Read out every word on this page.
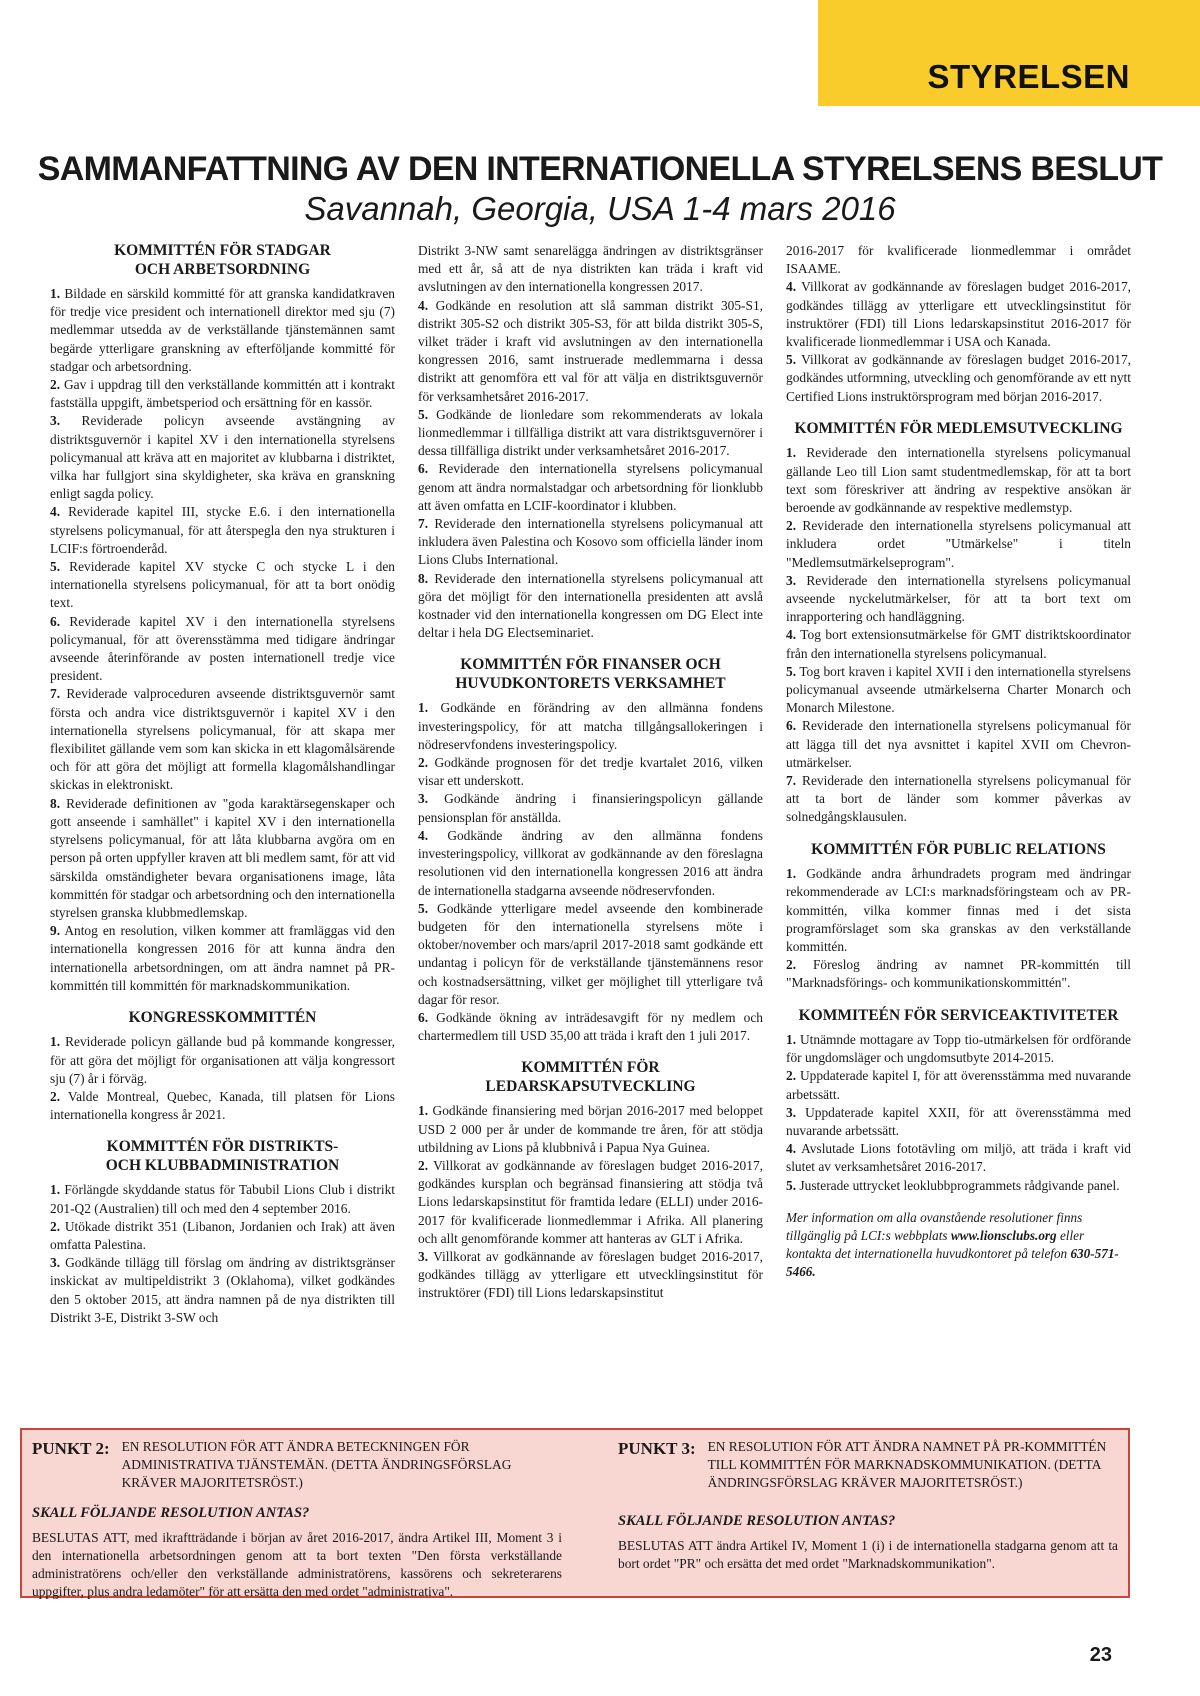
STYRELSEN
SAMMANFATTNING AV DEN INTERNATIONELLA STYRELSENS BESLUT
Savannah, Georgia, USA 1-4 mars 2016
KOMMITTÉN FÖR STADGAR
OCH ARBETSORDNING

1. Bildade en särskild kommitté för att granska kandidatkraven för tredje vice president och internationell direktor med sju (7) medlemmar utsedda av de verkställande tjänstemännen samt begärde ytterligare granskning av efterföljande kommitté för stadgar och arbetsordning.

2. Gav i uppdrag till den verkställande kommittén att i kontrakt fastställa uppgift, ämbetsperiod och ersättning för en kassör.

3. Reviderade policyn avseende avstängning av distriktsguvernör i kapitel XV i den internationella styrelsens policymanual att kräva att en majoritet av klubbarna i distriktet, vilka har fullgjort sina skyldigheter, ska kräva en granskning enligt sagda policy.

4. Reviderade kapitel III, stycke E.6. i den internationella styrelsens policymanual, för att återspegla den nya strukturen i LCIF:s förtroenderåd.

5. Reviderade kapitel XV stycke C och stycke L i den internationella styrelsens policymanual, för att ta bort onödig text.

6. Reviderade kapitel XV i den internationella styrelsens policymanual, för att överensstämma med tidigare ändringar avseende återinförande av posten internationell tredje vice president.

7. Reviderade valproceduren avseende distriktsguvernör samt första och andra vice distriktsguvernör i kapitel XV i den internationella styrelsens policymanual, för att skapa mer flexibilitet gällande vem som kan skicka in ett klagomålsärende och för att göra det möjligt att formella klagomålshandlingar skickas in elektroniskt.

8. Reviderade definitionen av "goda karaktärsegenskaper och gott anseende i samhället" i kapitel XV i den internationella styrelsens policymanual, för att låta klubbarna avgöra om en person på orten uppfyller kraven att bli medlem samt, för att vid särskilda omständigheter bevara organisationens image, låta kommittén för stadgar och arbetsordning och den internationella styrelsen granska klubbmedlemskap.

9. Antog en resolution, vilken kommer att framläggas vid den internationella kongressen 2016 för att kunna ändra den internationella arbetsordningen, om att ändra namnet på PR-kommittén till kommittén för marknadskommunikation.

KONGRESSKOMMITTÉN

1. Reviderade policyn gällande bud på kommande kongresser, för att göra det möjligt för organisationen att välja kongressort sju (7) år i förväg.

2. Valde Montreal, Quebec, Kanada, till platsen för Lions internationella kongress år 2021.

KOMMITTÉN FÖR DISTRIKTS-
OCH KLUBBADMINISTRATION

1. Förlängde skyddande status för Tabubil Lions Club i distrikt 201-Q2 (Australien) till och med den 4 september 2016.

2. Utökade distrikt 351 (Libanon, Jordanien och Irak) att även omfatta Palestina.

3. Godkände tillägg till förslag om ändring av distriktsgränser inskickat av multipeldistrikt 3 (Oklahoma), vilket godkändes den 5 oktober 2015, att ändra namnen på de nya distrikten till Distrikt 3-E, Distrikt 3-SW och

Distrikt 3-NW samt senarelägga ändringen av distriktsgränser med ett år, så att de nya distrikten kan träda i kraft vid avslutningen av den internationella kongressen 2017.

4. Godkände en resolution att slå samman distrikt 305-S1, distrikt 305-S2 och distrikt 305-S3, för att bilda distrikt 305-S, vilket träder i kraft vid avslutningen av den internationella kongressen 2016, samt instruerade medlemmarna i dessa distrikt att genomföra ett val för att välja en distriktsguvernör för verksamhetsåret 2016-2017.

5. Godkände de lionledare som rekommenderats av lokala lionmedlemmar i tillfälliga distrikt att vara distriktsguvernörer i dessa tillfälliga distrikt under verksamhetsåret 2016-2017.

6. Reviderade den internationella styrelsens policymanual genom att ändra normalstadgar och arbetsordning för lionklubb att även omfatta en LCIF-koordinator i klubben.

7. Reviderade den internationella styrelsens policymanual att inkludera även Palestina och Kosovo som officiella länder inom Lions Clubs International.

8. Reviderade den internationella styrelsens policymanual att göra det möjligt för den internationella presidenten att avslå kostnader vid den internationella kongressen om DG Elect inte deltar i hela DG Electseminariet.

KOMMITTÉN FÖR FINANSER OCH
HUVUDKONTORETS VERKSAMHET

1. Godkände en förändring av den allmänna fondens investeringspolicy, för att matcha tillgångsallokeringen i nödreservfondens investeringspolicy.

2. Godkände prognosen för det tredje kvartalet 2016, vilken visar ett underskott.

3. Godkände ändring i finansieringspolicyn gällande pensionsplan för anställda.

4. Godkände ändring av den allmänna fondens investeringspolicy, villkorat av godkännande av den föreslagna resolutionen vid den internationella kongressen 2016 att ändra de internationella stadgarna avseende nödreservfonden.

5. Godkände ytterligare medel avseende den kombinerade budgeten för den internationella styrelsens möte i oktober/november och mars/april 2017-2018 samt godkände ett undantag i policyn för de verkställande tjänstemännens resor och kostnadsersättning, vilket ger möjlighet till ytterligare två dagar för resor.

6. Godkände ökning av inträdesavgift för ny medlem och chartermedlem till USD 35,00 att träda i kraft den 1 juli 2017.

KOMMITTÉN FÖR LEDARSKAPSUTVECKLING

1. Godkände finansiering med början 2016-2017 med beloppet USD 2 000 per år under de kommande tre åren, för att stödja utbildning av Lions på klubbnivå i Papua Nya Guinea.

2. Villkorat av godkännande av föreslagen budget 2016-2017, godkändes kursplan och begränsad finansiering att stödja två Lions ledarskapsinstitut för framtida ledare (ELLI) under 2016-2017 för kvalificerade lionmedlemmar i Afrika. All planering och allt genomförande kommer att hanteras av GLT i Afrika.

3. Villkorat av godkännande av föreslagen budget 2016-2017, godkändes tillägg av ytterligare ett utvecklingsinstitut för instruktörer (FDI) till Lions ledarskapsinstitut

2016-2017 för kvalificerade lionmedlemmar i området ISAAME.

4. Villkorat av godkännande av föreslagen budget 2016-2017, godkändes tillägg av ytterligare ett utvecklingsinstitut för instruktörer (FDI) till Lions ledarskapsinstitut 2016-2017 för kvalificerade lionmedlemmar i USA och Kanada.

5. Villkorat av godkännande av föreslagen budget 2016-2017, godkändes utformning, utveckling och genomförande av ett nytt Certified Lions instruktörsprogram med början 2016-2017.

KOMMITTÉN FÖR MEDLEMSUTVECKLING

1. Reviderade den internationella styrelsens policymanual gällande Leo till Lion samt studentmedlemskap, för att ta bort text som föreskriver att ändring av respektive ansökan är beroende av godkännande av respektive medlemstyp.

2. Reviderade den internationella styrelsens policymanual att inkludera ordet "Utmärkelse" i titeln "Medlemsutmärkelseprogram".

3. Reviderade den internationella styrelsens policymanual avseende nyckelutmärkelser, för att ta bort text om inrapportering och handläggning.

4. Tog bort extensionsutmärkelse för GMT distriktskoordinator från den internationella styrelsens policymanual.

5. Tog bort kraven i kapitel XVII i den internationella styrelsens policymanual avseende utmärkelserna Charter Monarch och Monarch Milestone.

6. Reviderade den internationella styrelsens policymanual för att lägga till det nya avsnittet i kapitel XVII om Chevron-utmärkelser.

7. Reviderade den internationella styrelsens policymanual för att ta bort de länder som kommer påverkas av solnedgångsklausulen.

KOMMITTÉN FÖR PUBLIC RELATIONS

1. Godkände andra århundradets program med ändringar rekommenderade av LCI:s marknadsföringsteam och av PR-kommittén, vilka kommer finnas med i det sista programförslaget som ska granskas av den verkställande kommittén.

2. Föreslog ändring av namnet PR-kommittén till "Marknadsförings- och kommunikationskommittén".

KOMMITEÉN FÖR SERVICEAKTIVITETER

1. Utnämnde mottagare av Topp tio-utmärkelsen för ordförande för ungdomsläger och ungdomsutbyte 2014-2015.

2. Uppdaterade kapitel I, för att överensstämma med nuvarande arbetssätt.

3. Uppdaterade kapitel XXII, för att överensstämma med nuvarande arbetssätt.

4. Avslutade Lions fototävling om miljö, att träda i kraft vid slutet av verksamhetsåret 2016-2017.

5. Justerade uttrycket leoklubbprogrammets rådgivande panel.

Mer information om alla ovanstående resolutioner finns tillgänglig på LCI:s webbplats www.lionsclubs.org eller kontakta det internationella huvudkontoret på telefon 630-571-5466.
PUNKT 2: EN RESOLUTION FÖR ATT ÄNDRA BETECKNINGEN FÖR ADMINISTRATIVA TJÄNSTEMÄN. (DETTA ÄNDRINGSFÖRSLAG KRÄVER MAJORITETSRÖST.)
SKALL FÖLJANDE RESOLUTION ANTAS?
BESLUTAS ATT, med ikraftträdande i början av året 2016-2017, ändra Artikel III, Moment 3 i den internationella arbetsordningen genom att ta bort texten "Den första verkställande administratörens och/eller den verkställande administratörens, kassörens och sekreterarens uppgifter, plus andra ledamöter" för att ersätta den med ordet "administrativa".
PUNKT 3: EN RESOLUTION FÖR ATT ÄNDRA NAMNET PÅ PR-KOMMITTÉN TILL KOMMITTÉN FÖR MARKNADSKOMMUNIKATION. (DETTA ÄNDRINGSFÖRSLAG KRÄVER MAJORITETSRÖST.)
SKALL FÖLJANDE RESOLUTION ANTAS?
BESLUTAS ATT ändra Artikel IV, Moment 1 (i) i de internationella stadgarna genom att ta bort ordet "PR" och ersätta det med ordet "Marknadskommunikation".
23
